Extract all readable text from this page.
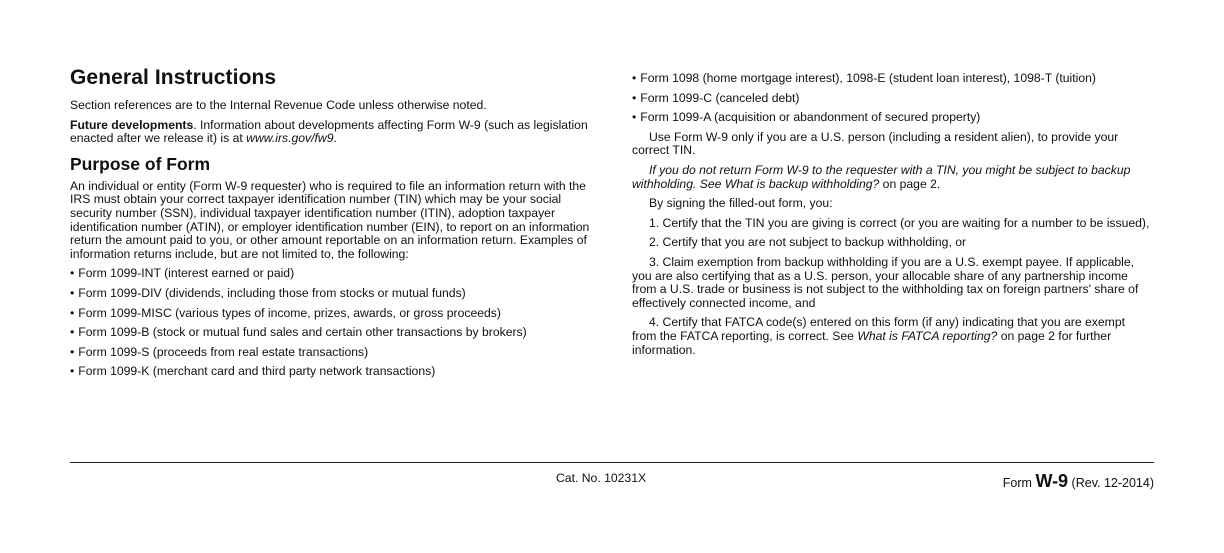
General Instructions

Section references are to the Internal Revenue Code unless otherwise noted.

Future developments. Information about developments affecting Form W-9 (such as legislation enacted after we release it) is at www.irs.gov/fw9.

Purpose of Form

An individual or entity (Form W-9 requester) who is required to file an information return with the IRS must obtain your correct taxpayer identification number (TIN) which may be your social security number (SSN), individual taxpayer identification number (ITIN), adoption taxpayer identification number (ATIN), or employer identification number (EIN), to report on an information return the amount paid to you, or other amount reportable on an information return. Examples of information returns include, but are not limited to, the following:

• Form 1099-INT (interest earned or paid)

• Form 1099-DIV (dividends, including those from stocks or mutual funds)

• Form 1099-MISC (various types of income, prizes, awards, or gross proceeds)

• Form 1099-B (stock or mutual fund sales and certain other transactions by brokers)

• Form 1099-S (proceeds from real estate transactions)

• Form 1099-K (merchant card and third party network transactions)

• Form 1098 (home mortgage interest), 1098-E (student loan interest), 1098-T (tuition)

• Form 1099-C (canceled debt)

• Form 1099-A (acquisition or abandonment of secured property)

Use Form W-9 only if you are a U.S. person (including a resident alien), to provide your correct TIN.

If you do not return Form W-9 to the requester with a TIN, you might be subject to backup withholding. See What is backup withholding? on page 2.

By signing the filled-out form, you:

1. Certify that the TIN you are giving is correct (or you are waiting for a number to be issued),

2. Certify that you are not subject to backup withholding, or

3. Claim exemption from backup withholding if you are a U.S. exempt payee. If applicable, you are also certifying that as a U.S. person, your allocable share of any partnership income from a U.S. trade or business is not subject to the withholding tax on foreign partners' share of effectively connected income, and

4. Certify that FATCA code(s) entered on this form (if any) indicating that you are exempt from the FATCA reporting, is correct. See What is FATCA reporting? on page 2 for further information.

Cat. No. 10231X	Form W-9 (Rev. 12-2014)
